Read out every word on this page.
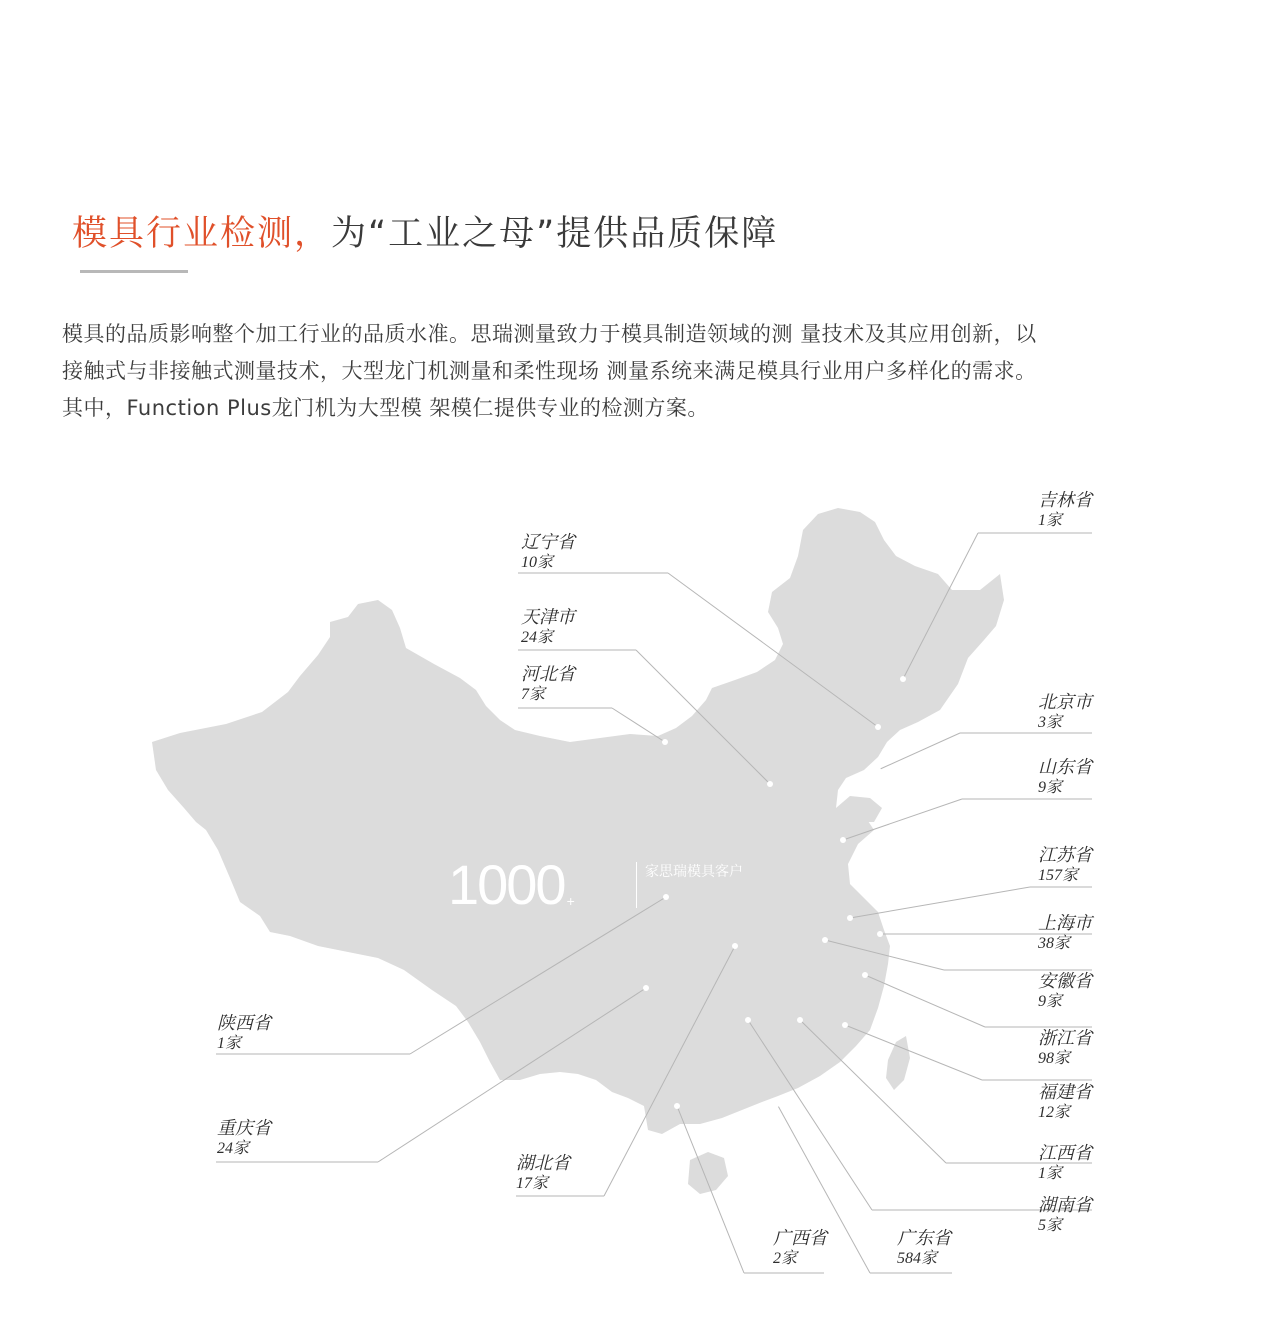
模具行业检测，为“工业之母”提供品质保障

模具的品质影响整个加工行业的品质水准。思瑞测量致力于模具制造领域的测 量技术及其应用创新，以
接触式与非接触式测量技术，大型龙门机测量和柔性现场 测量系统来满足模具行业用户多样化的需求。
其中，Function Plus龙门机为大型模 架模仁提供专业的检测方案。

1000 +
家思瑞模具客户
吉林省
1家
辽宁省
10家
天津市
24家
河北省
7家	北京市
3家
山东省
9家
江苏省
157家
上海市
38家
安徽省
9家
浙江省
98家
福建省
12家
江西省
1家
湖南省
5家
广东省
584家
广西省
2家
湖北省
17家
重庆省
24家
陕西省
1家
